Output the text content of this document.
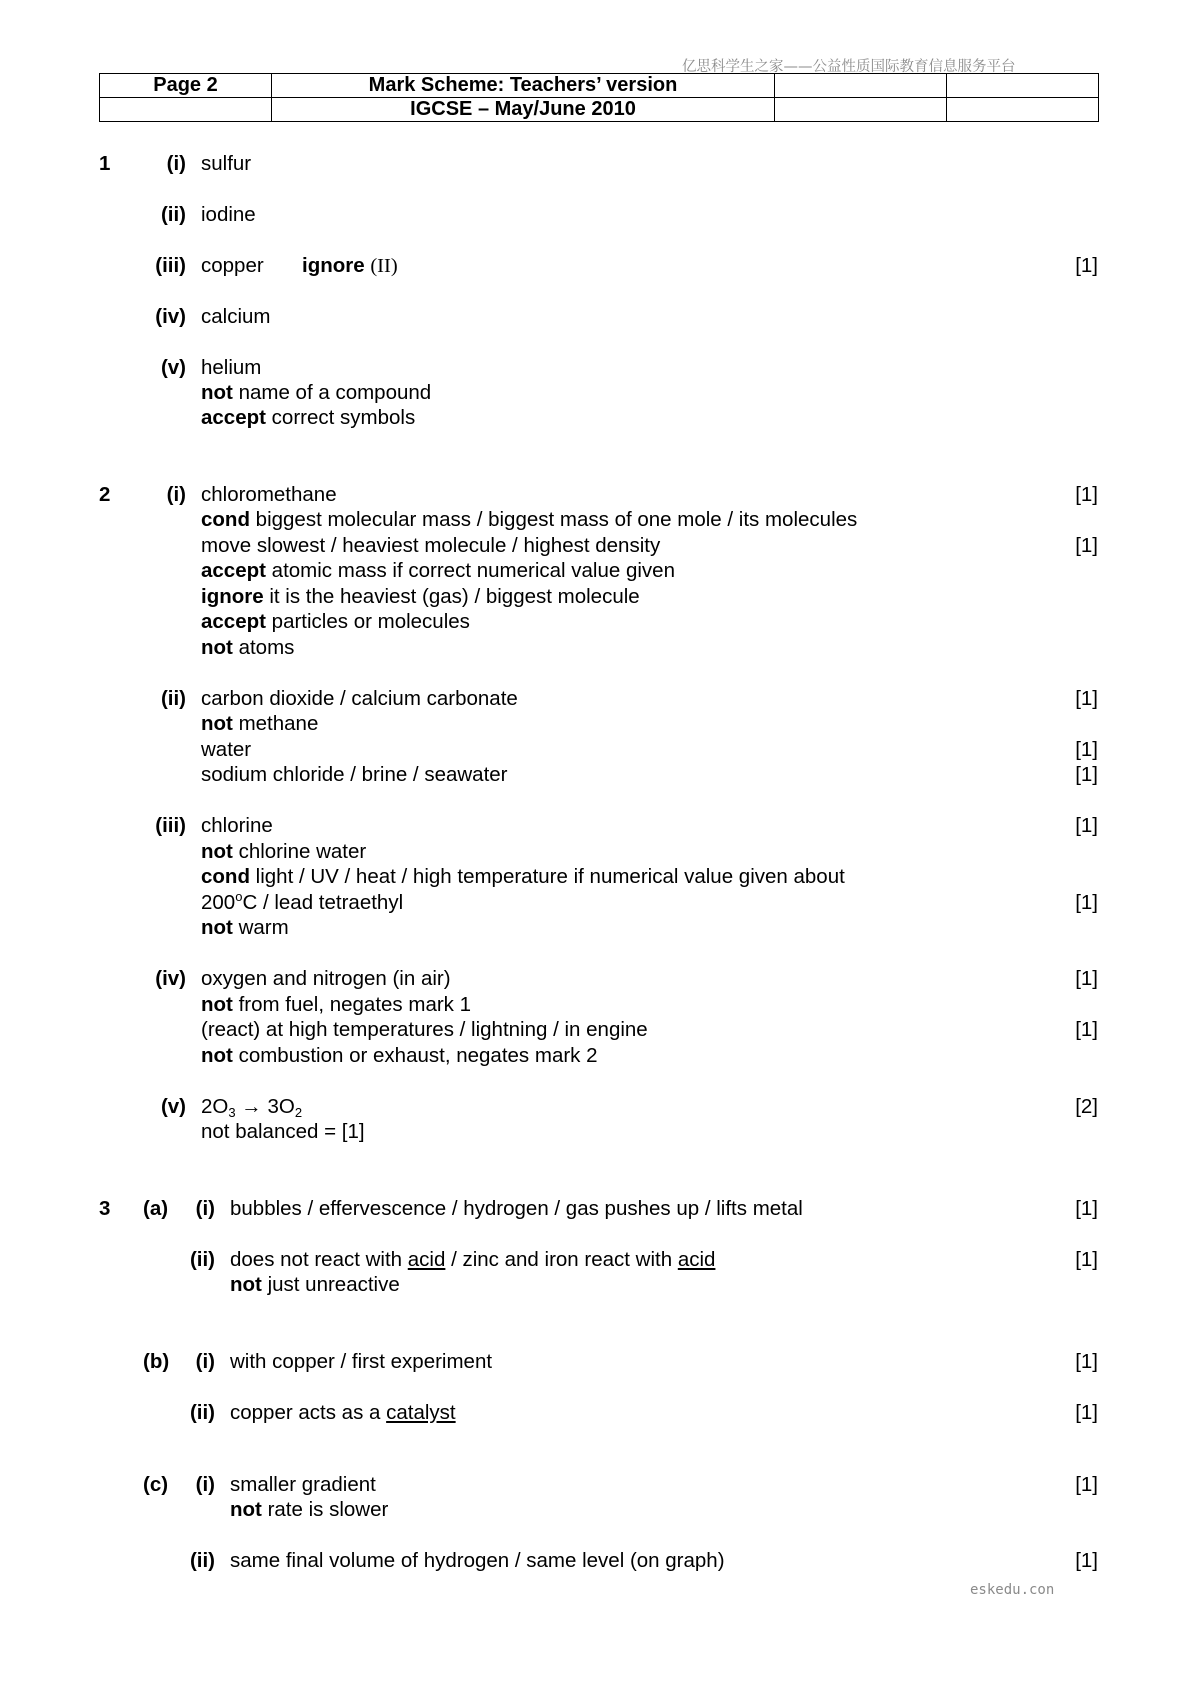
亿思科学生之家——公益性质国际教育信息服务平台
Page 2	Mark Scheme: Teachers’ version		
	IGCSE – May/June 2010		
1	(i) sulfur
(ii) iodine
(iii) copper ignore (II)	[1]
(iv) calcium
(v) helium
not name of a compound
accept correct symbols
2	(i) chloromethane	[1]
cond biggest molecular mass / biggest mass of one mole / its molecules
move slowest / heaviest molecule / highest density	[1]
accept atomic mass if correct numerical value given
ignore it is the heaviest (gas) / biggest molecule
accept particles or molecules
not atoms
(ii) carbon dioxide / calcium carbonate	[1]
not methane
water	[1]
sodium chloride / brine / seawater	[1]
(iii) chlorine	[1]
not chlorine water
cond light / UV / heat / high temperature if numerical value given about
200$^o$C / lead tetraethyl	[1]
not warm
(iv) oxygen and nitrogen (in air)	[1]
not from fuel, negates mark 1
(react) at high temperatures / lightning / in engine	[1]
not combustion or exhaust, negates mark 2
(v) $2O_3 \to 3O_2$	[2]
not balanced = [1]
3 (a)	(i) bubbles / effervescence / hydrogen / gas pushes up / lifts metal	[1]
(ii) does not react with acid / zinc and iron react with acid	[1]
not just unreactive
(b)	(i) with copper / first experiment	[1]
(ii) copper acts as a catalyst	[1]
(c)	(i) smaller gradient	[1]
not rate is slower
(ii) same final volume of hydrogen / same level (on graph)	[1]
eskedu.con
